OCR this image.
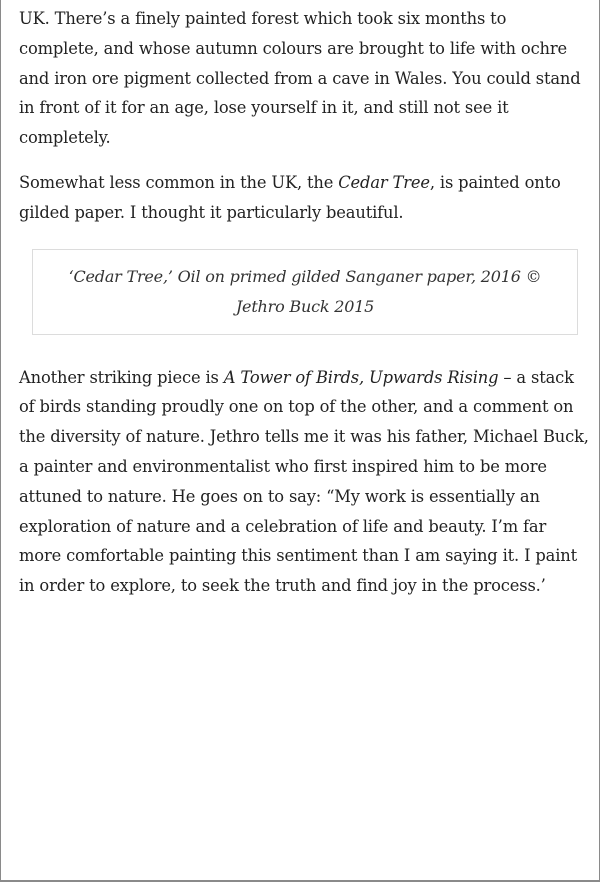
UK. There’s a finely painted forest which took six months to complete, and whose autumn colours are brought to life with ochre and iron ore pigment collected from a cave in Wales. You could stand in front of it for an age, lose yourself in it, and still not see it completely.

Somewhat less common in the UK, the Cedar Tree, is painted onto gilded paper. I thought it particularly beautiful.

‘Cedar Tree,’ Oil on primed gilded Sanganer paper, 2016 © Jethro Buck 2015

Another striking piece is A Tower of Birds, Upwards Rising – a stack of birds standing proudly one on top of the other, and a comment on the diversity of nature. Jethro tells me it was his father, Michael Buck, a painter and environmentalist who first inspired him to be more attuned to nature. He goes on to say: “My work is essentially an exploration of nature and a celebration of life and beauty. I’m far more comfortable painting this sentiment than I am saying it. I paint in order to explore, to seek the truth and find joy in the process.’
